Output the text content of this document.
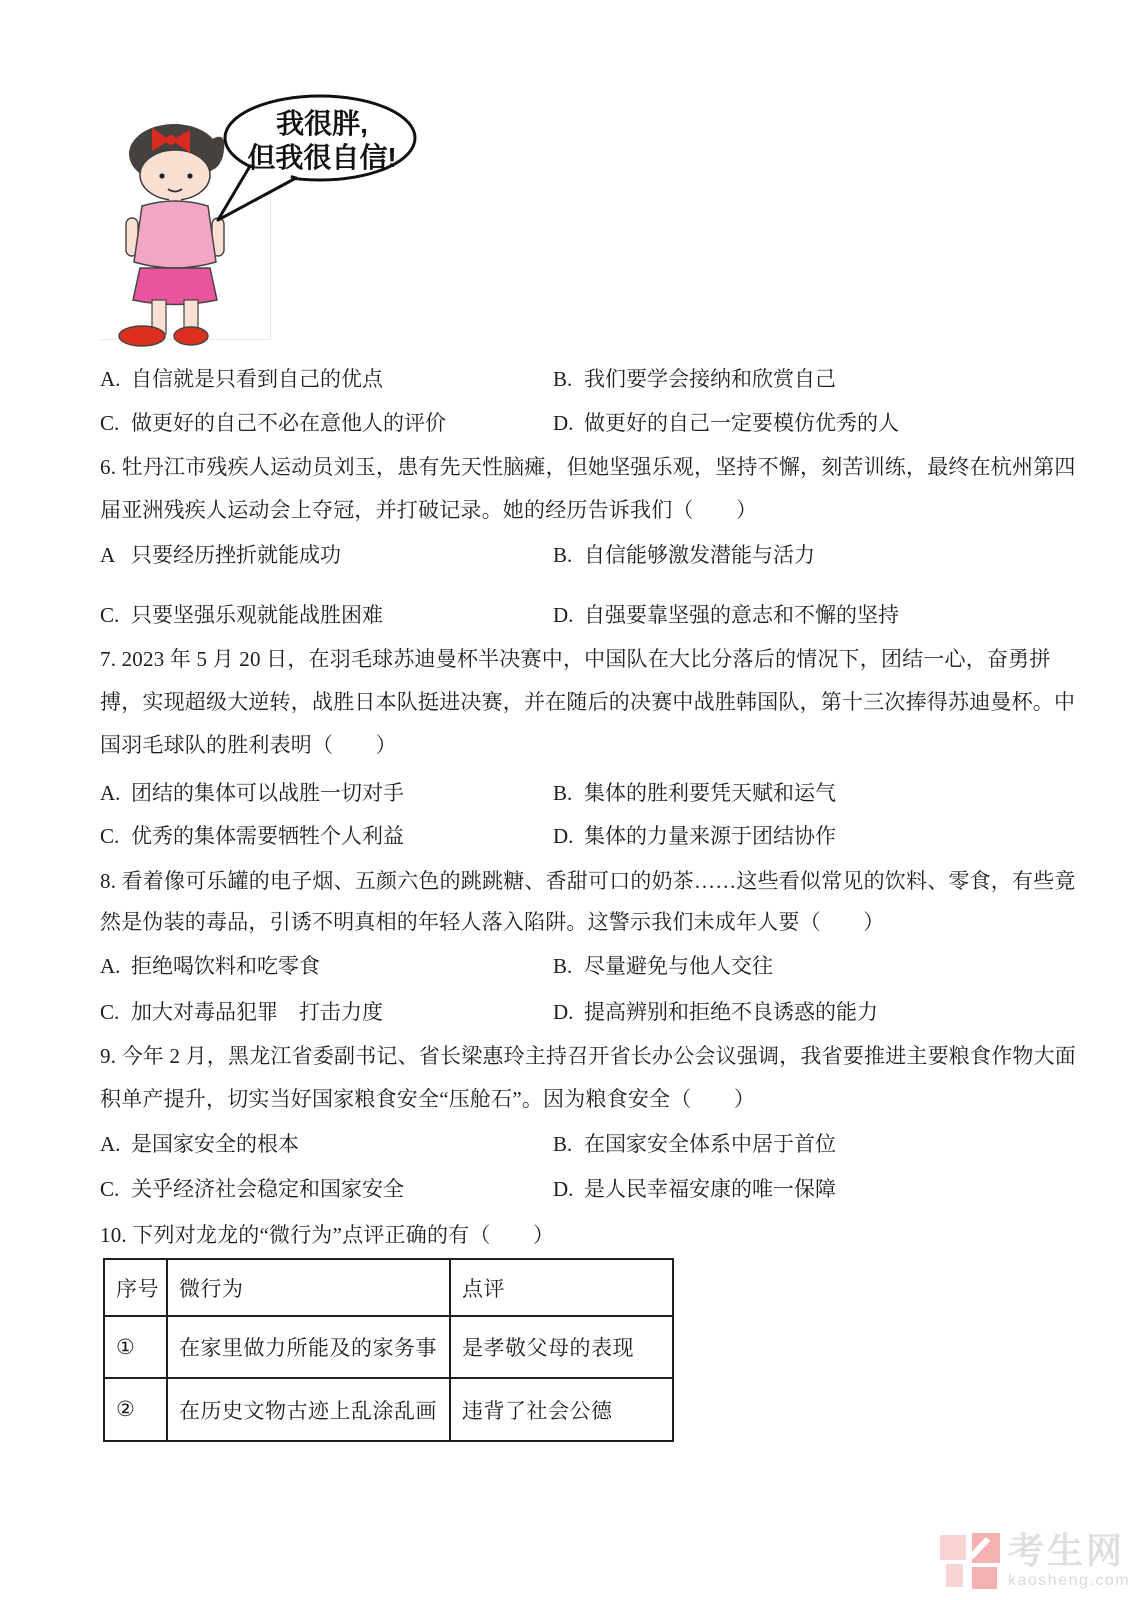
我很胖,
但我很自信!
A. 自信就是只看到自己的优点	B. 我们要学会接纳和欣赏自己
C. 做更好的自己不必在意他人的评价	D. 做更好的自己一定要模仿优秀的人
6. 牡丹江市残疾人运动员刘玉，患有先天性脑瘫，但她坚强乐观，坚持不懈，刻苦训练，最终在杭州第四
届亚洲残疾人运动会上夺冠，并打破记录。她的经历告诉我们（　　）
A 只要经历挫折就能成功	B. 自信能够激发潜能与活力
C. 只要坚强乐观就能战胜困难	D. 自强要靠坚强的意志和不懈的坚持
7. 2023 年 5 月 20 日，在羽毛球苏迪曼杯半决赛中，中国队在大比分落后的情况下，团结一心，奋勇拼
搏，实现超级大逆转，战胜日本队挺进决赛，并在随后的决赛中战胜韩国队，第十三次捧得苏迪曼杯。中
国羽毛球队的胜利表明（　　）
A. 团结的集体可以战胜一切对手	B. 集体的胜利要凭天赋和运气
C. 优秀的集体需要牺牲个人利益	D. 集体的力量来源于团结协作
8. 看着像可乐罐的电子烟、五颜六色的跳跳糖、香甜可口的奶茶……这些看似常见的饮料、零食，有些竟
然是伪装的毒品，引诱不明真相的年轻人落入陷阱。这警示我们未成年人要（　　）
A. 拒绝喝饮料和吃零食	B. 尽量避免与他人交往
C. 加大对毒品犯罪　打击力度	D. 提高辨别和拒绝不良诱惑的能力
9. 今年 2 月，黑龙江省委副书记、省长梁惠玲主持召开省长办公会议强调，我省要推进主要粮食作物大面
积单产提升，切实当好国家粮食安全“压舱石”。因为粮食安全（　　）
A. 是国家安全的根本	B. 在国家安全体系中居于首位
C. 关乎经济社会稳定和国家安全	D. 是人民幸福安康的唯一保障
10. 下列对龙龙的“微行为”点评正确的有（　　）
序号	微行为	点评
①	在家里做力所能及的家务事	是孝敬父母的表现
②	在历史文物古迹上乱涂乱画	违背了社会公德
考生网
kaosheng.com
